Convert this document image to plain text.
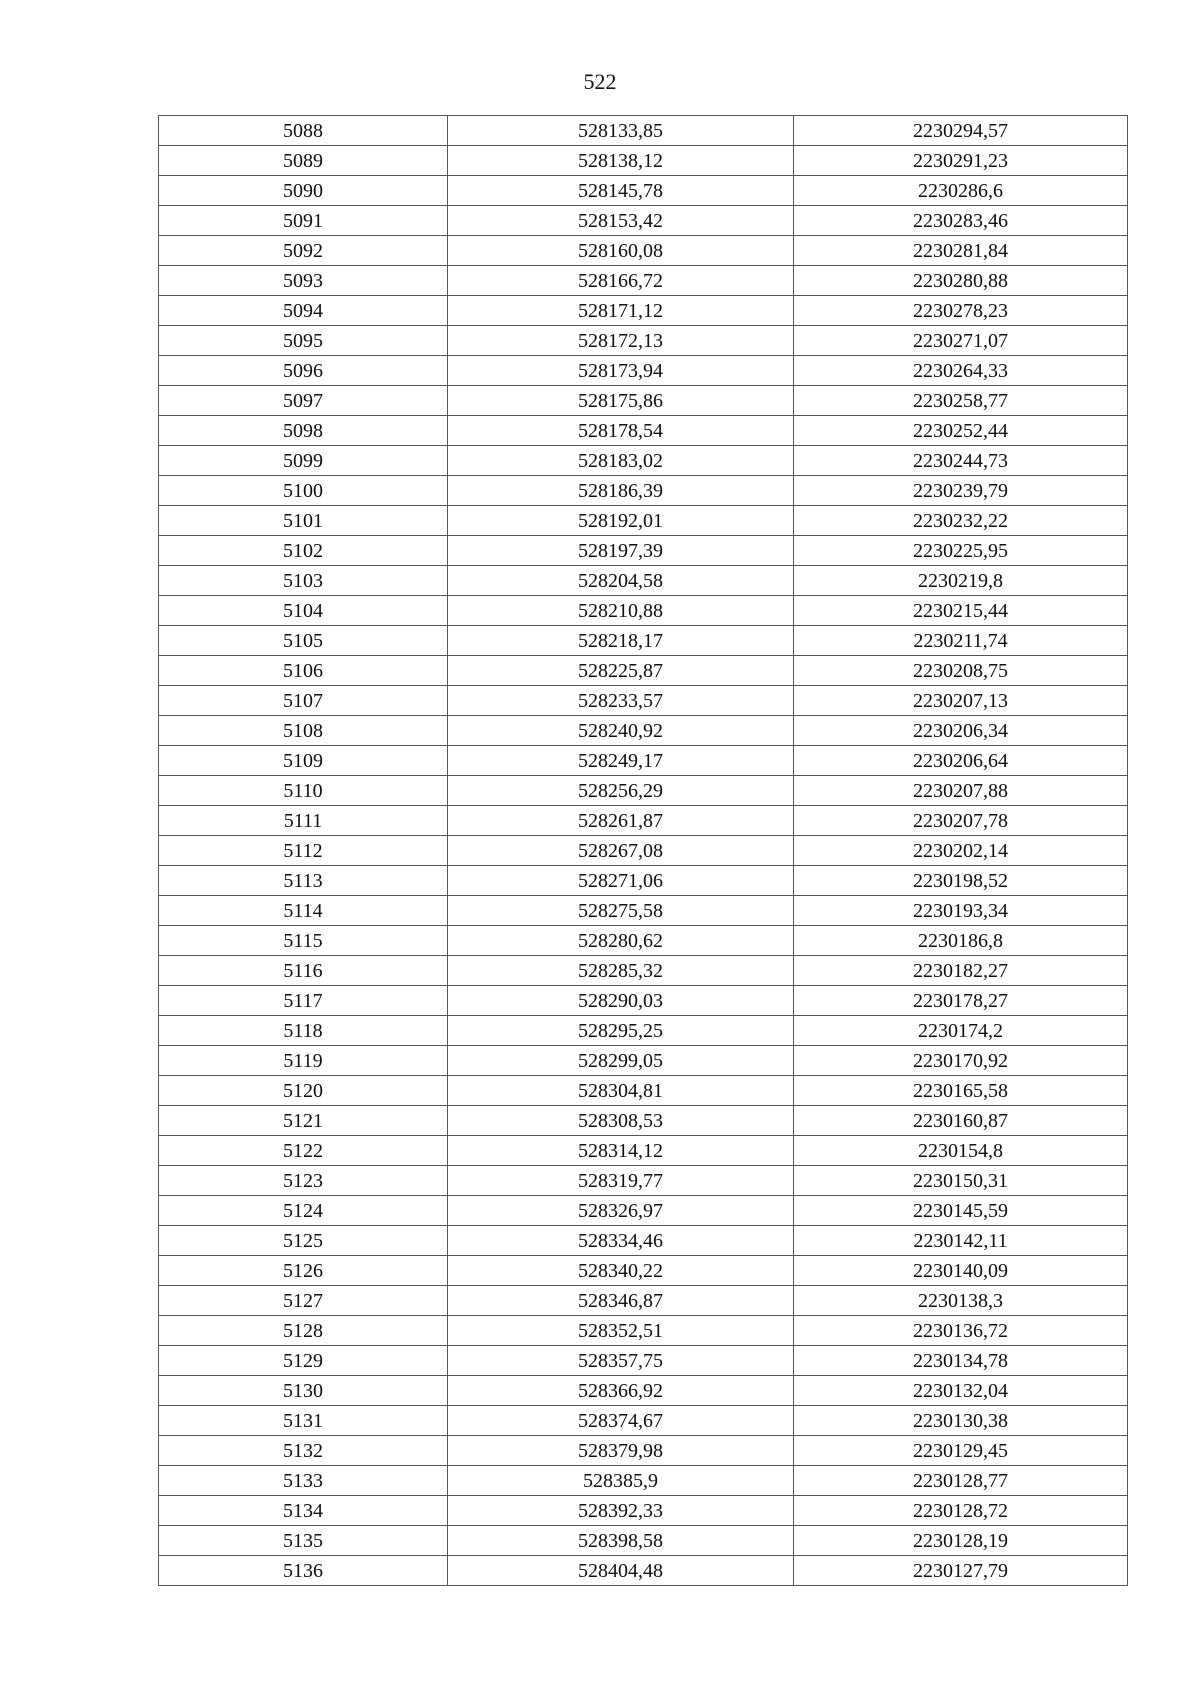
522
5088	528133,85	2230294,57
5089	528138,12	2230291,23
5090	528145,78	2230286,6
5091	528153,42	2230283,46
5092	528160,08	2230281,84
5093	528166,72	2230280,88
5094	528171,12	2230278,23
5095	528172,13	2230271,07
5096	528173,94	2230264,33
5097	528175,86	2230258,77
5098	528178,54	2230252,44
5099	528183,02	2230244,73
5100	528186,39	2230239,79
5101	528192,01	2230232,22
5102	528197,39	2230225,95
5103	528204,58	2230219,8
5104	528210,88	2230215,44
5105	528218,17	2230211,74
5106	528225,87	2230208,75
5107	528233,57	2230207,13
5108	528240,92	2230206,34
5109	528249,17	2230206,64
5110	528256,29	2230207,88
5111	528261,87	2230207,78
5112	528267,08	2230202,14
5113	528271,06	2230198,52
5114	528275,58	2230193,34
5115	528280,62	2230186,8
5116	528285,32	2230182,27
5117	528290,03	2230178,27
5118	528295,25	2230174,2
5119	528299,05	2230170,92
5120	528304,81	2230165,58
5121	528308,53	2230160,87
5122	528314,12	2230154,8
5123	528319,77	2230150,31
5124	528326,97	2230145,59
5125	528334,46	2230142,11
5126	528340,22	2230140,09
5127	528346,87	2230138,3
5128	528352,51	2230136,72
5129	528357,75	2230134,78
5130	528366,92	2230132,04
5131	528374,67	2230130,38
5132	528379,98	2230129,45
5133	528385,9	2230128,77
5134	528392,33	2230128,72
5135	528398,58	2230128,19
5136	528404,48	2230127,79
